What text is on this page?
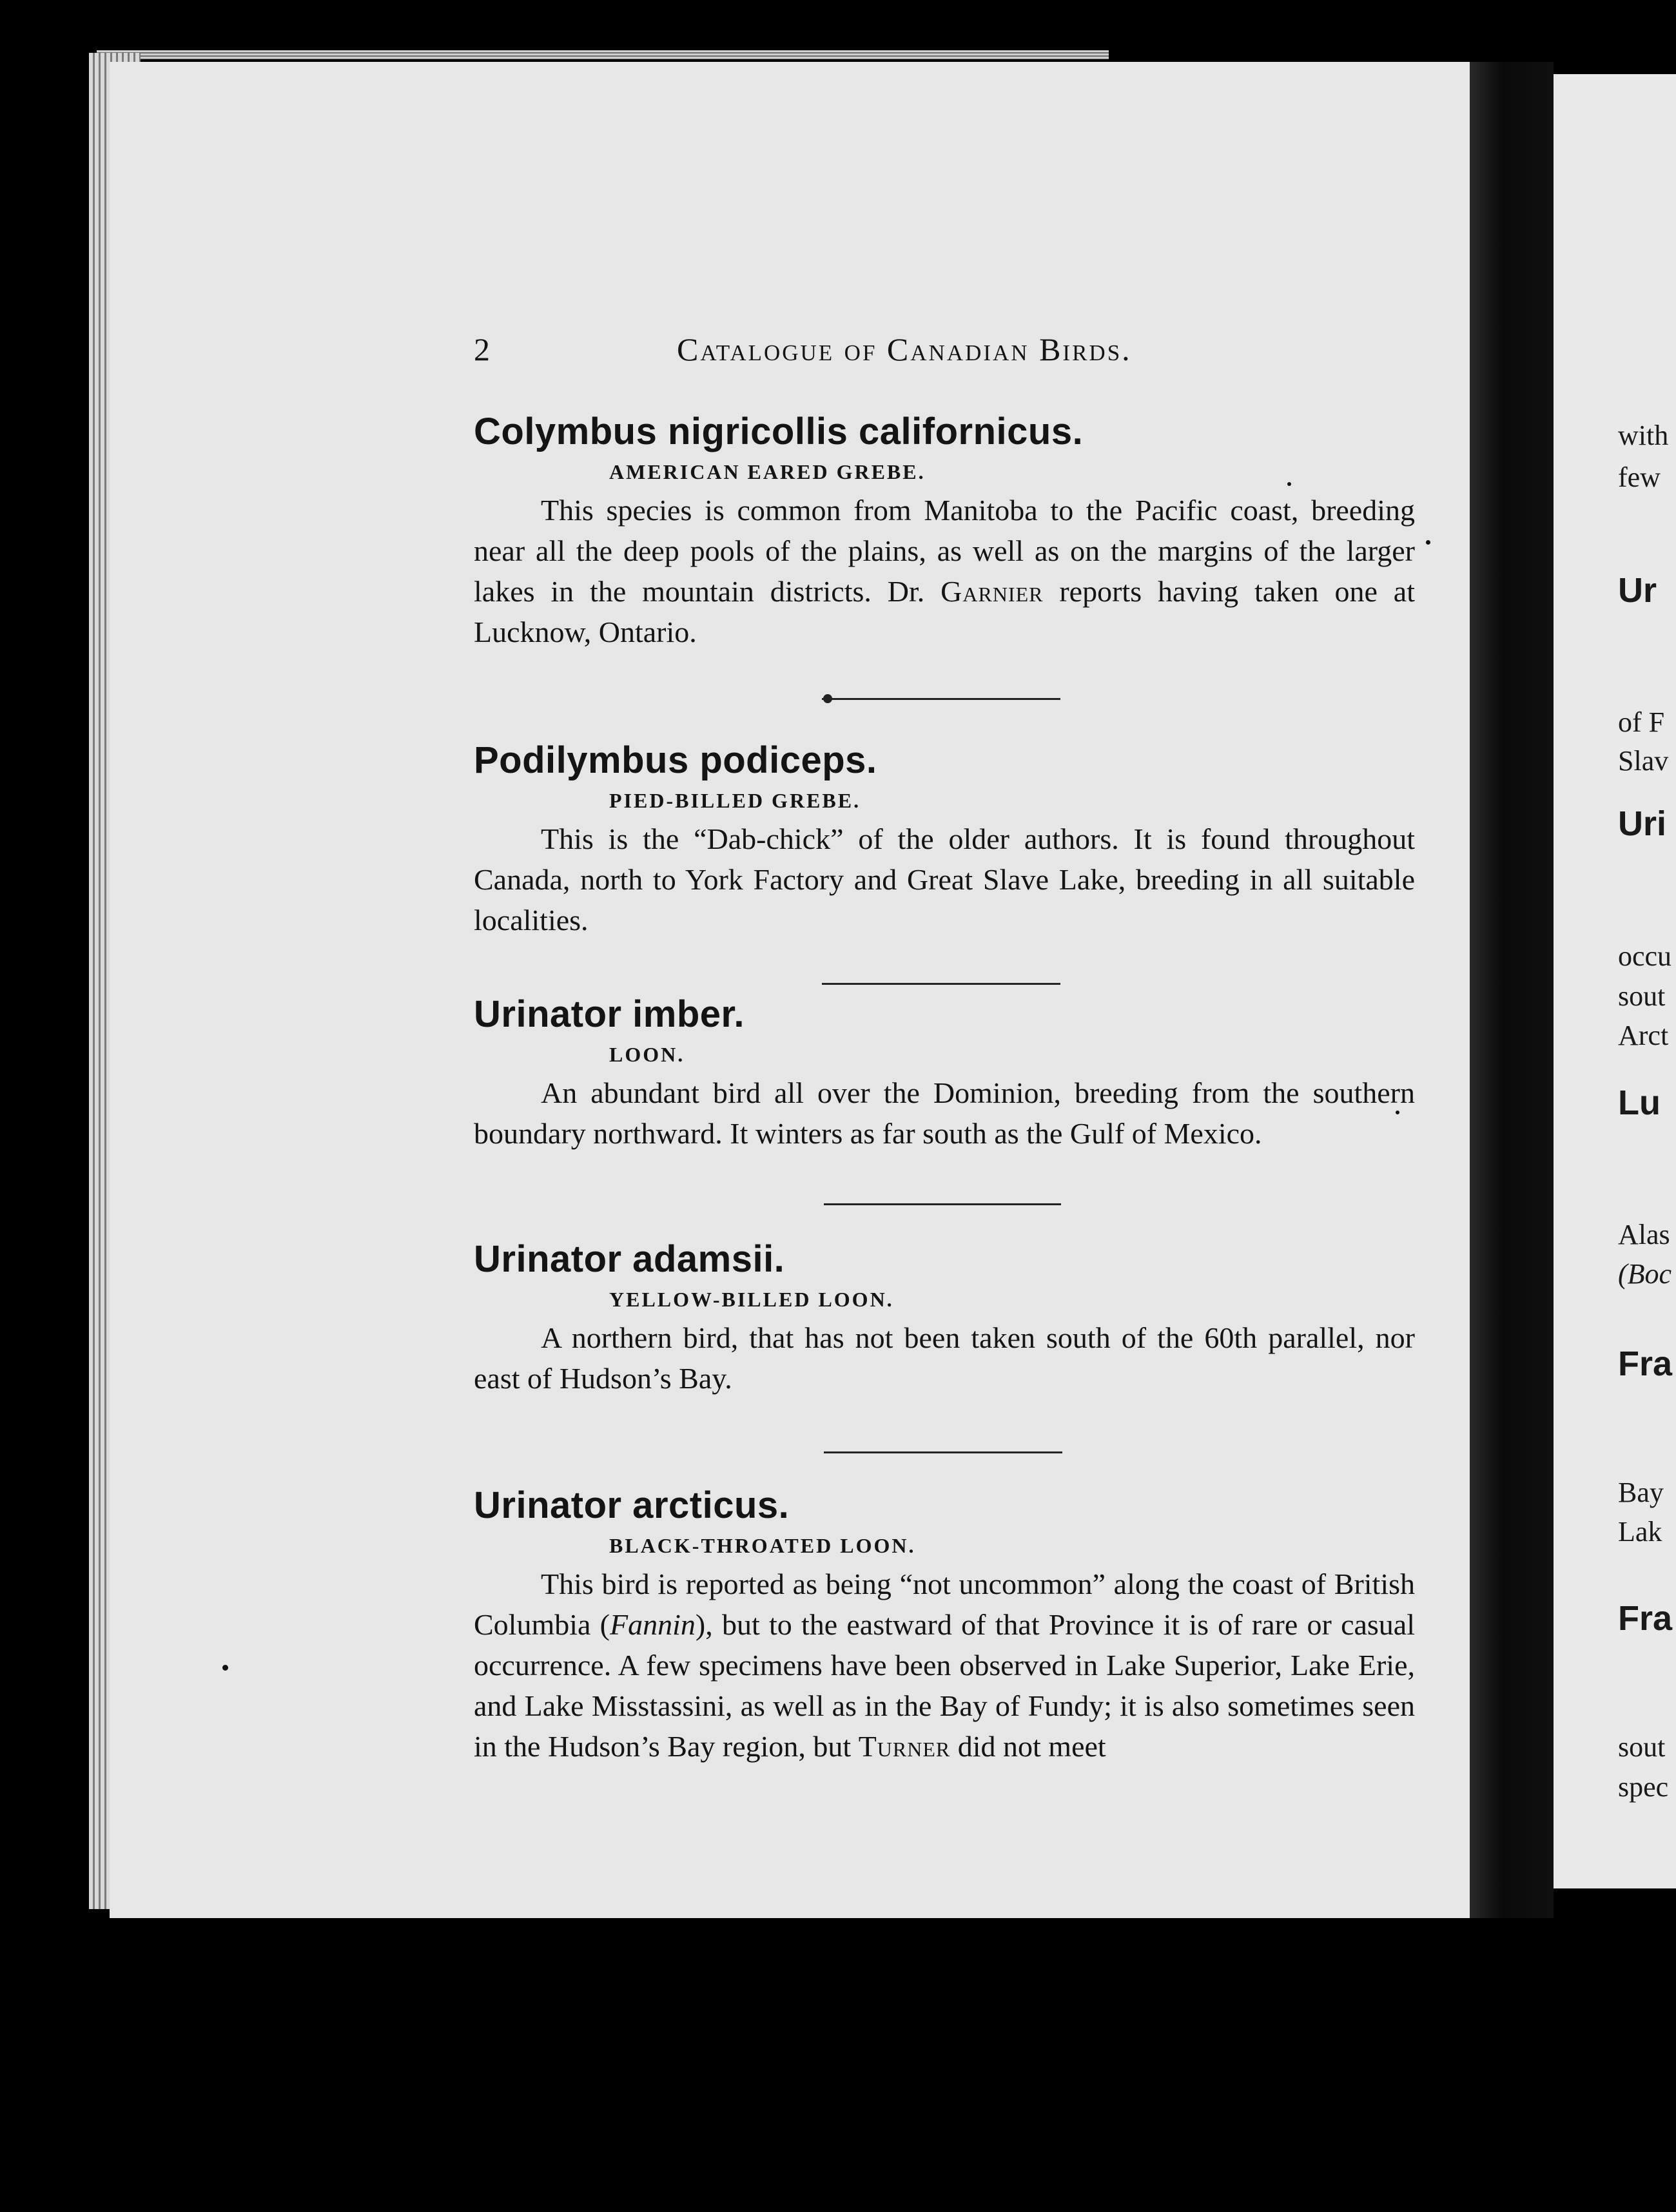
with
few
Ur
of F
Slav
Uri
occu
sout
Arct
Lu
Alas
(Boc
Fra
Bay
Lak
Fra
sout
spec
2	Catalogue of Canadian Birds.
Colymbus nigricollis californicus.
AMERICAN EARED GREBE.

This species is common from Manitoba to the Pacific coast, breeding near all the deep pools of the plains, as well as on the margins of the larger lakes in the mountain districts. Dr. Garnier reports having taken one at Lucknow, Ontario.

Podilymbus podiceps.
PIED-BILLED GREBE.

This is the “Dab-chick” of the older authors. It is found throughout Canada, north to York Factory and Great Slave Lake, breeding in all suitable localities.

Urinator imber.
LOON.

An abundant bird all over the Dominion, breeding from the southern boundary northward. It winters as far south as the Gulf of Mexico.

Urinator adamsii.
YELLOW-BILLED LOON.

A northern bird, that has not been taken south of the 60th parallel, nor east of Hudson’s Bay.

Urinator arcticus.
BLACK-THROATED LOON.

This bird is reported as being “not uncommon” along the coast of British Columbia (Fannin), but to the eastward of that Province it is of rare or casual occurrence. A few specimens have been observed in Lake Superior, Lake Erie, and Lake Misstassini, as well as in the Bay of Fundy; it is also sometimes seen in the Hudson’s Bay region, but Turner did not meet
